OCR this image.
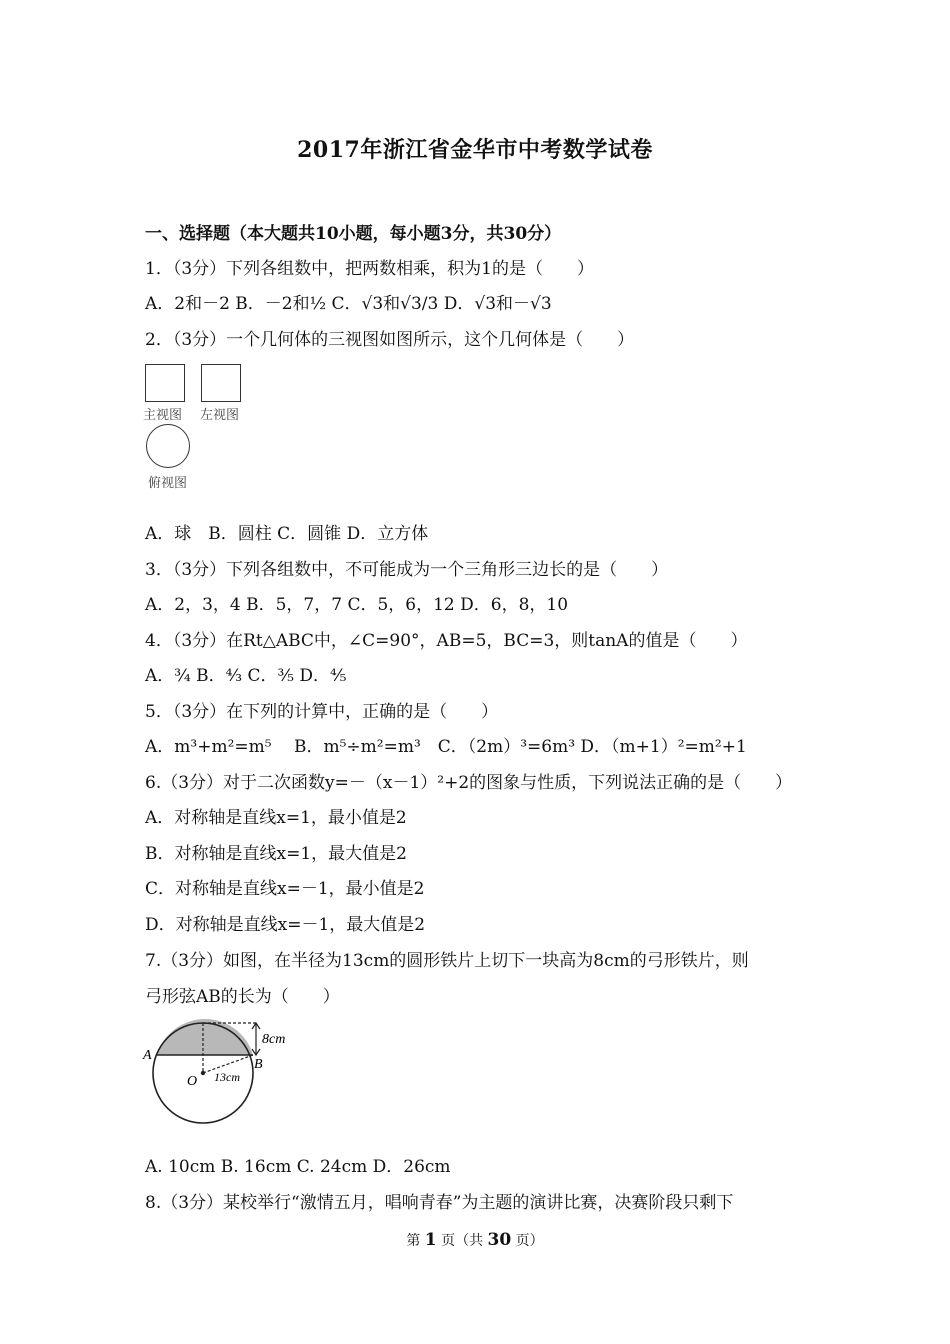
2017年浙江省金华市中考数学试卷
一、选择题（本大题共10小题，每小题3分，共30分）
1．（3分）下列各组数中，把两数相乘，积为1的是（　　）
A．2和－2 B．－2和½ C．√3和√3/3 D．√3和－√3
2．（3分）一个几何体的三视图如图所示，这个几何体是（　　）
主视图 左视图
俯视图
A．球　B．圆柱 C．圆锥 D．立方体
3．（3分）下列各组数中，不可能成为一个三角形三边长的是（　　）
A．2，3，4 B．5，7，7 C．5，6，12 D．6，8，10
4．（3分）在Rt△ABC中，∠C=90°，AB=5，BC=3，则tanA的值是（　　）
A．¾ B．⁴⁄₃ C．⅗ D．⅘
5．（3分）在下列的计算中，正确的是（　　）
A．m³+m²=m⁵　 B．m⁵÷m²=m³　C．（2m）³=6m³ D．（m+1）²=m²+1
6.（3分）对于二次函数y=－（x－1）²+2的图象与性质，下列说法正确的是（　　）
A．对称轴是直线x=1，最小值是2
B．对称轴是直线x=1，最大值是2
C．对称轴是直线x=－1，最小值是2
D．对称轴是直线x=－1，最大值是2
7.（3分）如图，在半径为13cm的圆形铁片上切下一块高为8cm的弓形铁片，则
弓形弦AB的长为（　　）
8cm
A
B
O 13cm
A. 10cm B. 16cm C. 24cm D．26cm
8.（3分）某校举行“激情五月，唱响青春”为主题的演讲比赛，决赛阶段只剩下
第 1 页（共 30 页）
